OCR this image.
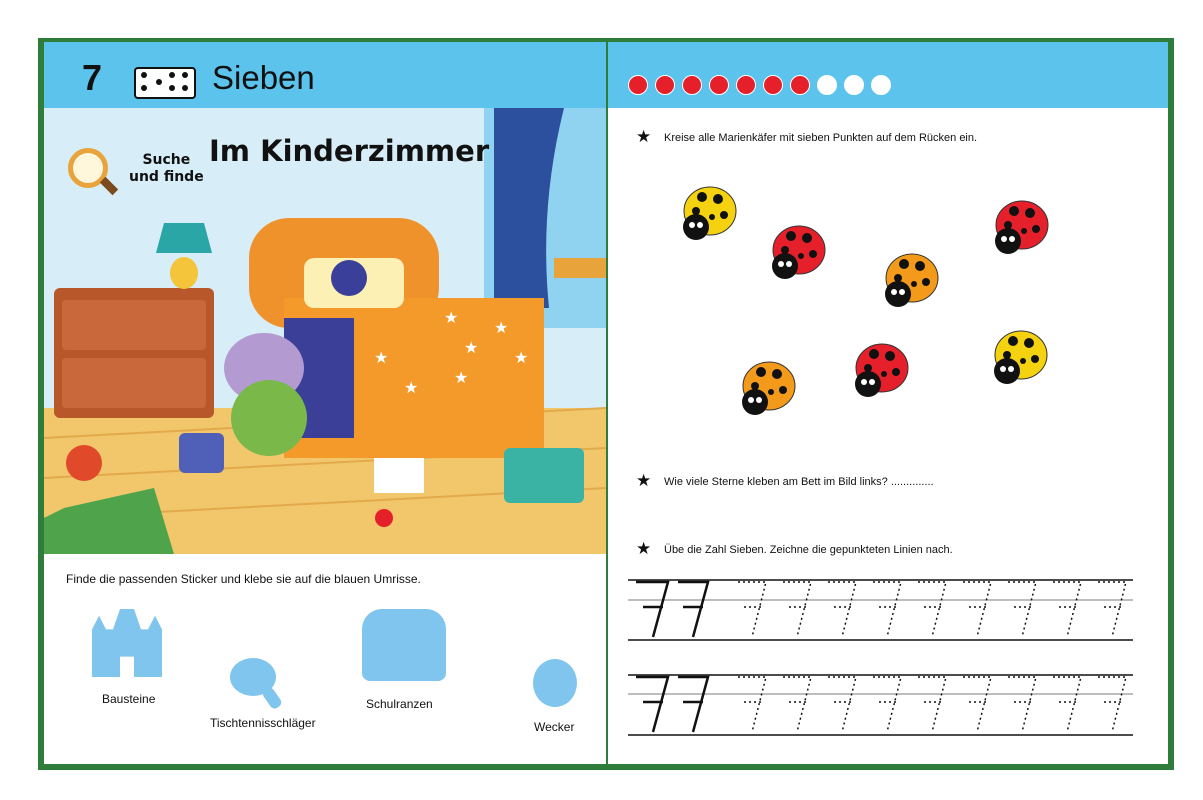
7	Sieben
★
★
★
★	★
★
★
Im Kinderzimmer
Suche
und finde
Finde die passenden Sticker und klebe sie auf die blauen Umrisse.
Bausteine
Tischtennisschläger
Schulranzen
Wecker
★ Kreise alle Marienkäfer mit sieben Punkten auf dem Rücken ein.
★ Wie viele Sterne kleben am Bett im Bild links? ..............
★ Übe die Zahl Sieben. Zeichne die gepunkteten Linien nach.
